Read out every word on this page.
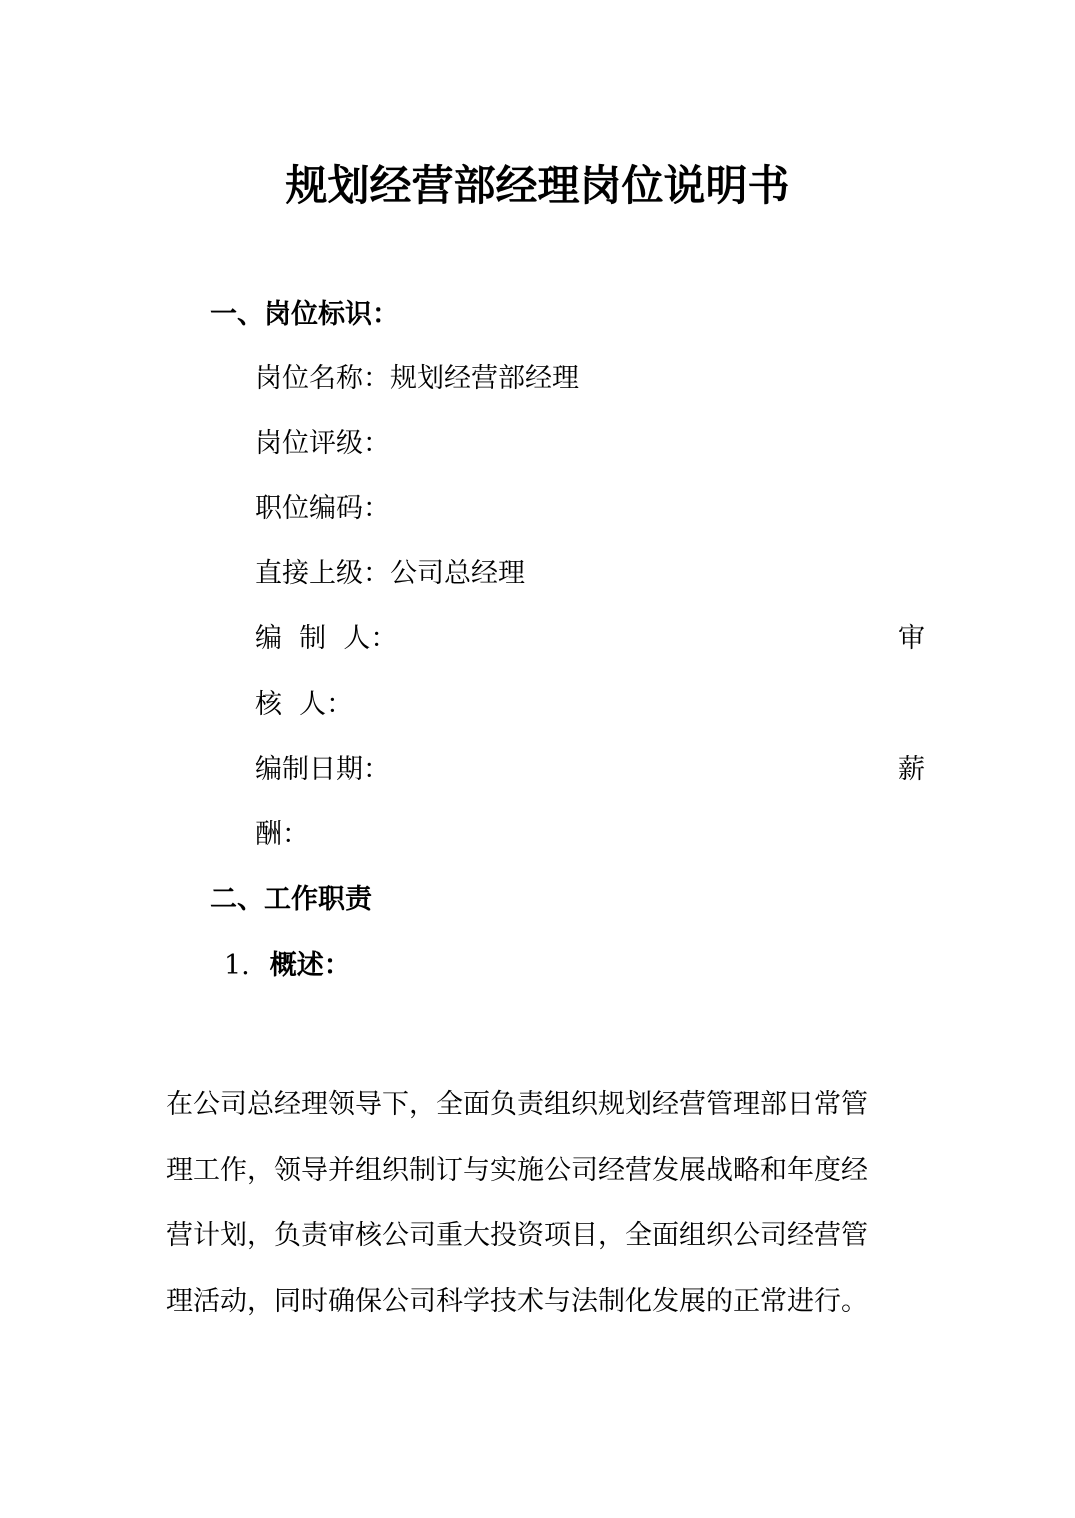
规划经营部经理岗位说明书
一、岗位标识：
岗位名称：规划经营部经理
岗位评级：
职位编码：
直接上级：公司总经理
编  制  人：	审
核  人：
编制日期：	薪
酬：
二、工作职责
1. 概述：
在公司总经理领导下，全面负责组织规划经营管理部日常管
理工作，领导并组织制订与实施公司经营发展战略和年度经
营计划，负责审核公司重大投资项目，全面组织公司经营管
理活动，同时确保公司科学技术与法制化发展的正常进行。
